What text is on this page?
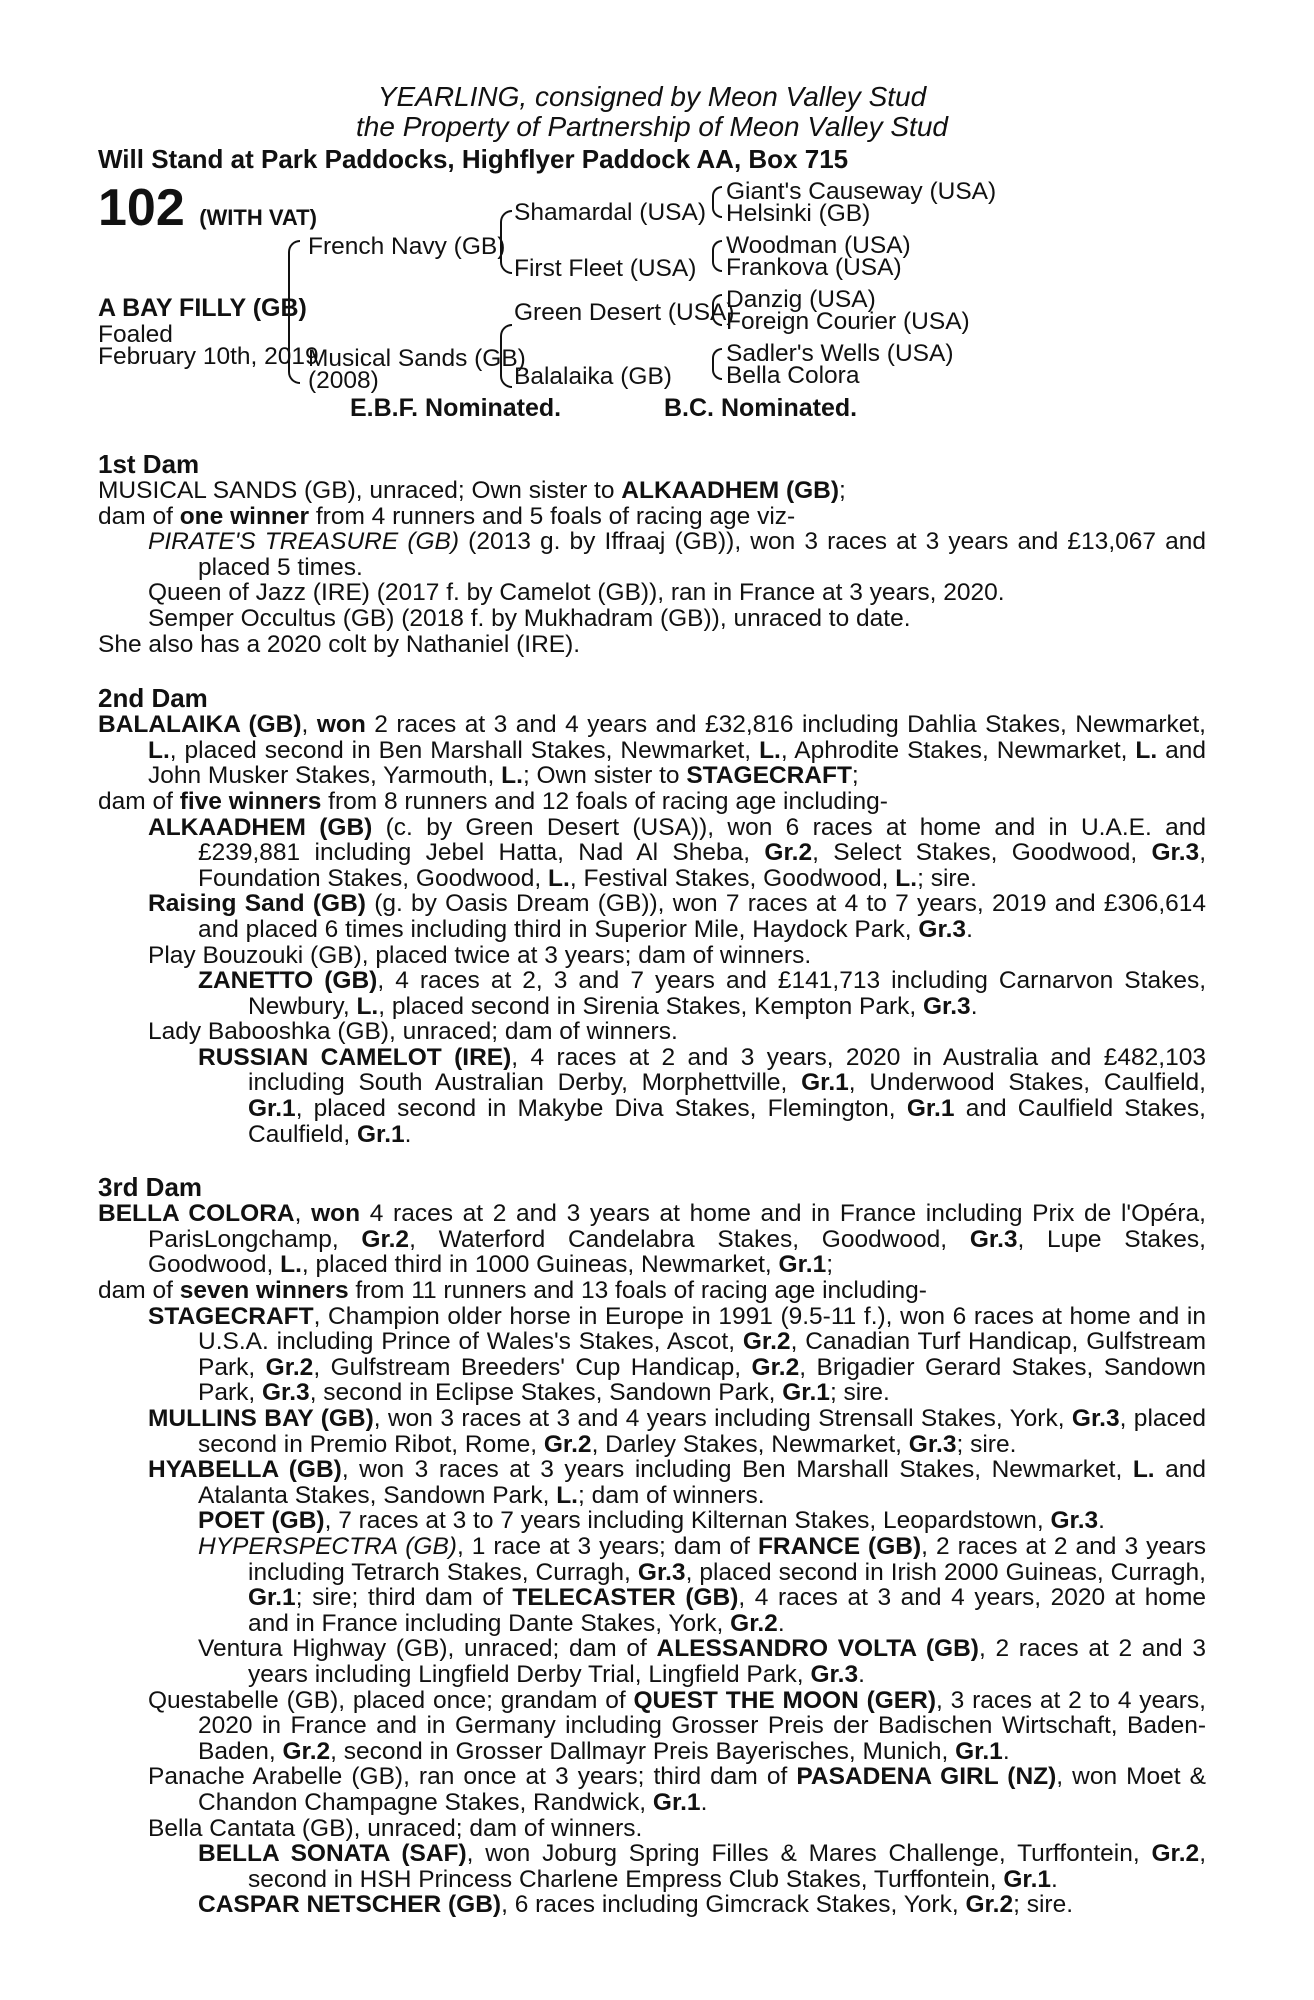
YEARLING, consigned by Meon Valley Stud
the Property of Partnership of Meon Valley Stud
Will Stand at Park Paddocks, Highflyer Paddock AA, Box 715
102 (WITH VAT)
A BAY FILLY (GB)
Foaled
February 10th, 2019
French Navy (GB)
Musical Sands (GB)
(2008)
Shamardal (USA)
First Fleet (USA)
Green Desert (USA)
Balalaika (GB)
Giant's Causeway (USA)
Helsinki (GB)
Woodman (USA)
Frankova (USA)
Danzig (USA)
Foreign Courier (USA)
Sadler's Wells (USA)
Bella Colora
E.B.F. Nominated.	B.C. Nominated.
1st Dam

MUSICAL SANDS (GB), unraced; Own sister to ALKAADHEM (GB);

dam of one winner from 4 runners and 5 foals of racing age viz-

PIRATE'S TREASURE (GB) (2013 g. by Iffraaj (GB)), won 3 races at 3 years and £13,067 and placed 5 times.

Queen of Jazz (IRE) (2017 f. by Camelot (GB)), ran in France at 3 years, 2020.

Semper Occultus (GB) (2018 f. by Mukhadram (GB)), unraced to date.

She also has a 2020 colt by Nathaniel (IRE).

2nd Dam

BALALAIKA (GB), won 2 races at 3 and 4 years and £32,816 including Dahlia Stakes, Newmarket, L., placed second in Ben Marshall Stakes, Newmarket, L., Aphrodite Stakes, Newmarket, L. and John Musker Stakes, Yarmouth, L.; Own sister to STAGECRAFT;

dam of five winners from 8 runners and 12 foals of racing age including-

ALKAADHEM (GB) (c. by Green Desert (USA)), won 6 races at home and in U.A.E. and £239,881 including Jebel Hatta, Nad Al Sheba, Gr.2, Select Stakes, Goodwood, Gr.3, Foundation Stakes, Goodwood, L., Festival Stakes, Goodwood, L.; sire.

Raising Sand (GB) (g. by Oasis Dream (GB)), won 7 races at 4 to 7 years, 2019 and £306,614 and placed 6 times including third in Superior Mile, Haydock Park, Gr.3.

Play Bouzouki (GB), placed twice at 3 years; dam of winners.

ZANETTO (GB), 4 races at 2, 3 and 7 years and £141,713 including Carnarvon Stakes, Newbury, L., placed second in Sirenia Stakes, Kempton Park, Gr.3.

Lady Babooshka (GB), unraced; dam of winners.

RUSSIAN CAMELOT (IRE), 4 races at 2 and 3 years, 2020 in Australia and £482,103 including South Australian Derby, Morphettville, Gr.1, Underwood Stakes, Caulfield, Gr.1, placed second in Makybe Diva Stakes, Flemington, Gr.1 and Caulfield Stakes, Caulfield, Gr.1.

3rd Dam

BELLA COLORA, won 4 races at 2 and 3 years at home and in France including Prix de l'Opéra, ParisLongchamp, Gr.2, Waterford Candelabra Stakes, Goodwood, Gr.3, Lupe Stakes, Goodwood, L., placed third in 1000 Guineas, Newmarket, Gr.1;

dam of seven winners from 11 runners and 13 foals of racing age including-

STAGECRAFT, Champion older horse in Europe in 1991 (9.5-11 f.), won 6 races at home and in U.S.A. including Prince of Wales's Stakes, Ascot, Gr.2, Canadian Turf Handicap, Gulfstream Park, Gr.2, Gulfstream Breeders' Cup Handicap, Gr.2, Brigadier Gerard Stakes, Sandown Park, Gr.3, second in Eclipse Stakes, Sandown Park, Gr.1; sire.

MULLINS BAY (GB), won 3 races at 3 and 4 years including Strensall Stakes, York, Gr.3, placed second in Premio Ribot, Rome, Gr.2, Darley Stakes, Newmarket, Gr.3; sire.

HYABELLA (GB), won 3 races at 3 years including Ben Marshall Stakes, Newmarket, L. and Atalanta Stakes, Sandown Park, L.; dam of winners.

POET (GB), 7 races at 3 to 7 years including Kilternan Stakes, Leopardstown, Gr.3.

HYPERSPECTRA (GB), 1 race at 3 years; dam of FRANCE (GB), 2 races at 2 and 3 years including Tetrarch Stakes, Curragh, Gr.3, placed second in Irish 2000 Guineas, Curragh, Gr.1; sire; third dam of TELECASTER (GB), 4 races at 3 and 4 years, 2020 at home and in France including Dante Stakes, York, Gr.2.

Ventura Highway (GB), unraced; dam of ALESSANDRO VOLTA (GB), 2 races at 2 and 3 years including Lingfield Derby Trial, Lingfield Park, Gr.3.

Questabelle (GB), placed once; grandam of QUEST THE MOON (GER), 3 races at 2 to 4 years, 2020 in France and in Germany including Grosser Preis der Badischen Wirtschaft, Baden-Baden, Gr.2, second in Grosser Dallmayr Preis Bayerisches, Munich, Gr.1.

Panache Arabelle (GB), ran once at 3 years; third dam of PASADENA GIRL (NZ), won Moet & Chandon Champagne Stakes, Randwick, Gr.1.

Bella Cantata (GB), unraced; dam of winners.

BELLA SONATA (SAF), won Joburg Spring Filles & Mares Challenge, Turffontein, Gr.2, second in HSH Princess Charlene Empress Club Stakes, Turffontein, Gr.1.

CASPAR NETSCHER (GB), 6 races including Gimcrack Stakes, York, Gr.2; sire.
